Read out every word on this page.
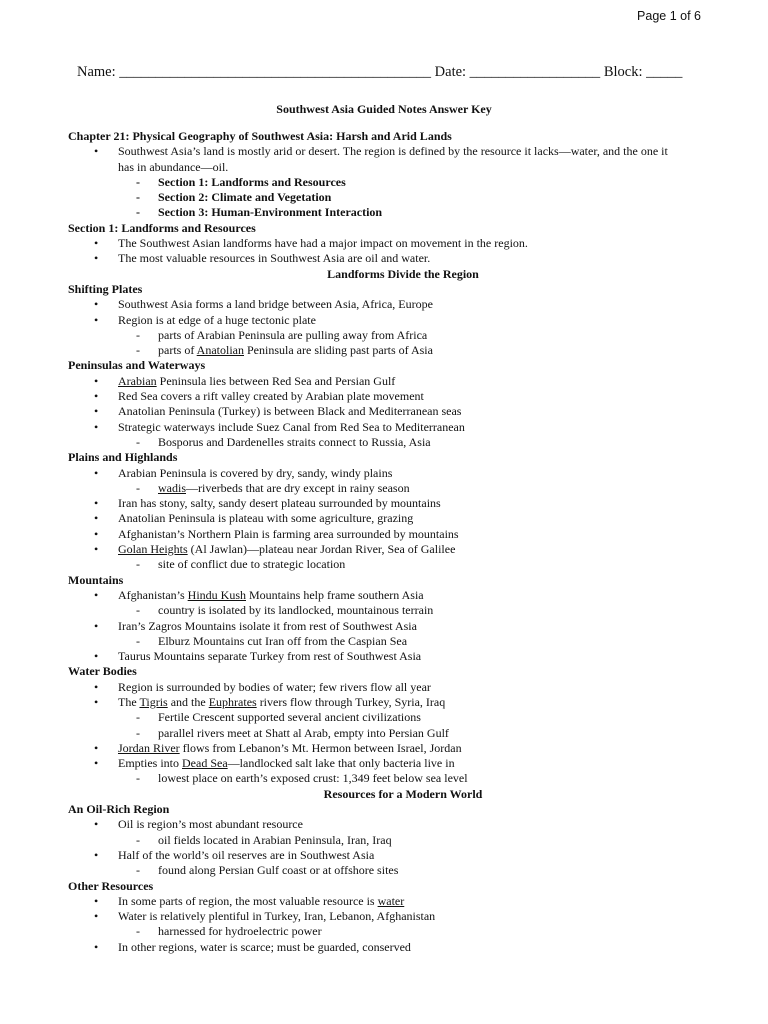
Page 1 of 6
Name: ___________________________________________ Date: __________________ Block: _____
Southwest Asia Guided Notes Answer Key
Chapter 21: Physical Geography of Southwest Asia: Harsh and Arid Lands
• Southwest Asia’s land is mostly arid or desert. The region is defined by the resource it lacks—water, and the one it
has in abundance—oil.
- Section 1: Landforms and Resources
- Section 2: Climate and Vegetation
- Section 3: Human-Environment Interaction
Section 1: Landforms and Resources
• The Southwest Asian landforms have had a major impact on movement in the region.
• The most valuable resources in Southwest Asia are oil and water.
Landforms Divide the Region
Shifting Plates
• Southwest Asia forms a land bridge between Asia, Africa, Europe
• Region is at edge of a huge tectonic plate
- parts of Arabian Peninsula are pulling away from Africa
- parts of Anatolian Peninsula are sliding past parts of Asia
Peninsulas and Waterways
• Arabian Peninsula lies between Red Sea and Persian Gulf
• Red Sea covers a rift valley created by Arabian plate movement
• Anatolian Peninsula (Turkey) is between Black and Mediterranean seas
• Strategic waterways include Suez Canal from Red Sea to Mediterranean
- Bosporus and Dardenelles straits connect to Russia, Asia
Plains and Highlands
• Arabian Peninsula is covered by dry, sandy, windy plains
- wadis—riverbeds that are dry except in rainy season
• Iran has stony, salty, sandy desert plateau surrounded by mountains
• Anatolian Peninsula is plateau with some agriculture, grazing
• Afghanistan’s Northern Plain is farming area surrounded by mountains
• Golan Heights (Al Jawlan)—plateau near Jordan River, Sea of Galilee
- site of conflict due to strategic location
Mountains
• Afghanistan’s Hindu Kush Mountains help frame southern Asia
- country is isolated by its landlocked, mountainous terrain
• Iran’s Zagros Mountains isolate it from rest of Southwest Asia
- Elburz Mountains cut Iran off from the Caspian Sea
• Taurus Mountains separate Turkey from rest of Southwest Asia
Water Bodies
• Region is surrounded by bodies of water; few rivers flow all year
• The Tigris and the Euphrates rivers flow through Turkey, Syria, Iraq
- Fertile Crescent supported several ancient civilizations
- parallel rivers meet at Shatt al Arab, empty into Persian Gulf
• Jordan River flows from Lebanon’s Mt. Hermon between Israel, Jordan
• Empties into Dead Sea—landlocked salt lake that only bacteria live in
- lowest place on earth’s exposed crust: 1,349 feet below sea level
Resources for a Modern World
An Oil-Rich Region
• Oil is region’s most abundant resource
- oil fields located in Arabian Peninsula, Iran, Iraq
• Half of the world’s oil reserves are in Southwest Asia
- found along Persian Gulf coast or at offshore sites
Other Resources
• In some parts of region, the most valuable resource is water
• Water is relatively plentiful in Turkey, Iran, Lebanon, Afghanistan
- harnessed for hydroelectric power
• In other regions, water is scarce; must be guarded, conserved
